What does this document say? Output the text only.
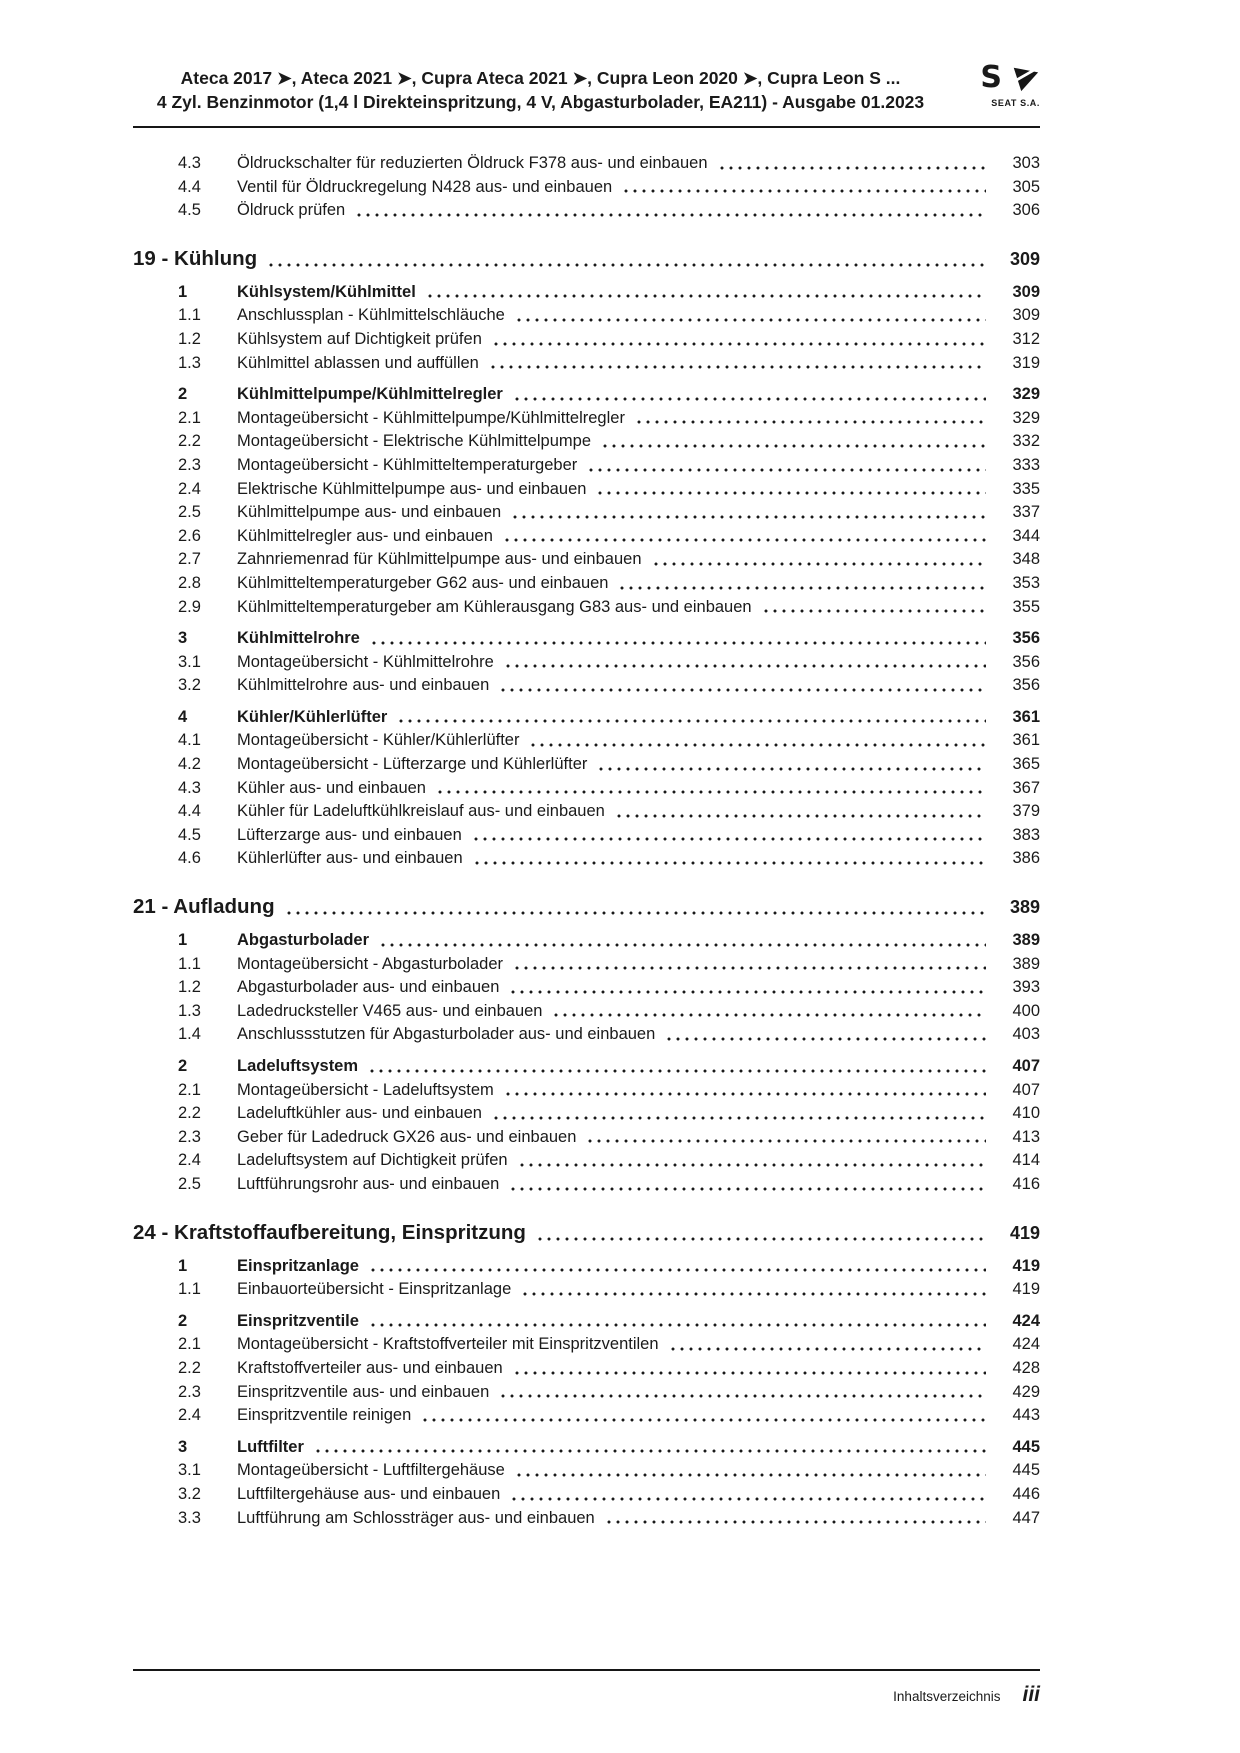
Ateca 2017 ➤, Ateca 2021 ➤, Cupra Ateca 2021 ➤, Cupra Leon 2020 ➤, Cupra Leon S ...
4 Zyl. Benzinmotor (1,4 l Direkteinspritzung, 4 V, Abgasturbolader, EA211) - Ausgabe 01.2023
S
SEAT S.A.
4.3	Öldruckschalter für reduzierten Öldruck F378 aus- und einbauen	303
4.4	Ventil für Öldruckregelung N428 aus- und einbauen	305
4.5	Öldruck prüfen	306
19 - Kühlung	309
1	Kühlsystem/Kühlmittel	309
1.1	Anschlussplan - Kühlmittelschläuche	309
1.2	Kühlsystem auf Dichtigkeit prüfen	312
1.3	Kühlmittel ablassen und auffüllen	319
2	Kühlmittelpumpe/Kühlmittelregler	329
2.1	Montageübersicht - Kühlmittelpumpe/Kühlmittelregler	329
2.2	Montageübersicht - Elektrische Kühlmittelpumpe	332
2.3	Montageübersicht - Kühlmitteltemperaturgeber	333
2.4	Elektrische Kühlmittelpumpe aus- und einbauen	335
2.5	Kühlmittelpumpe aus- und einbauen	337
2.6	Kühlmittelregler aus- und einbauen	344
2.7	Zahnriemenrad für Kühlmittelpumpe aus- und einbauen	348
2.8	Kühlmitteltemperaturgeber G62 aus- und einbauen	353
2.9	Kühlmitteltemperaturgeber am Kühlerausgang G83 aus- und einbauen	355
3	Kühlmittelrohre	356
3.1	Montageübersicht - Kühlmittelrohre	356
3.2	Kühlmittelrohre aus- und einbauen	356
4	Kühler/Kühlerlüfter	361
4.1	Montageübersicht - Kühler/Kühlerlüfter	361
4.2	Montageübersicht - Lüfterzarge und Kühlerlüfter	365
4.3	Kühler aus- und einbauen	367
4.4	Kühler für Ladeluftkühlkreislauf aus- und einbauen	379
4.5	Lüfterzarge aus- und einbauen	383
4.6	Kühlerlüfter aus- und einbauen	386
21 - Aufladung	389
1	Abgasturbolader	389
1.1	Montageübersicht - Abgasturbolader	389
1.2	Abgasturbolader aus- und einbauen	393
1.3	Ladedrucksteller V465 aus- und einbauen	400
1.4	Anschlussstutzen für Abgasturbolader aus- und einbauen	403
2	Ladeluftsystem	407
2.1	Montageübersicht - Ladeluftsystem	407
2.2	Ladeluftkühler aus- und einbauen	410
2.3	Geber für Ladedruck GX26 aus- und einbauen	413
2.4	Ladeluftsystem auf Dichtigkeit prüfen	414
2.5	Luftführungsrohr aus- und einbauen	416
24 - Kraftstoffaufbereitung, Einspritzung	419
1	Einspritzanlage	419
1.1	Einbauorteübersicht - Einspritzanlage	419
2	Einspritzventile	424
2.1	Montageübersicht - Kraftstoffverteiler mit Einspritzventilen	424
2.2	Kraftstoffverteiler aus- und einbauen	428
2.3	Einspritzventile aus- und einbauen	429
2.4	Einspritzventile reinigen	443
3	Luftfilter	445
3.1	Montageübersicht - Luftfiltergehäuse	445
3.2	Luftfiltergehäuse aus- und einbauen	446
3.3	Luftführung am Schlossträger aus- und einbauen	447
Inhaltsverzeichnis iii
